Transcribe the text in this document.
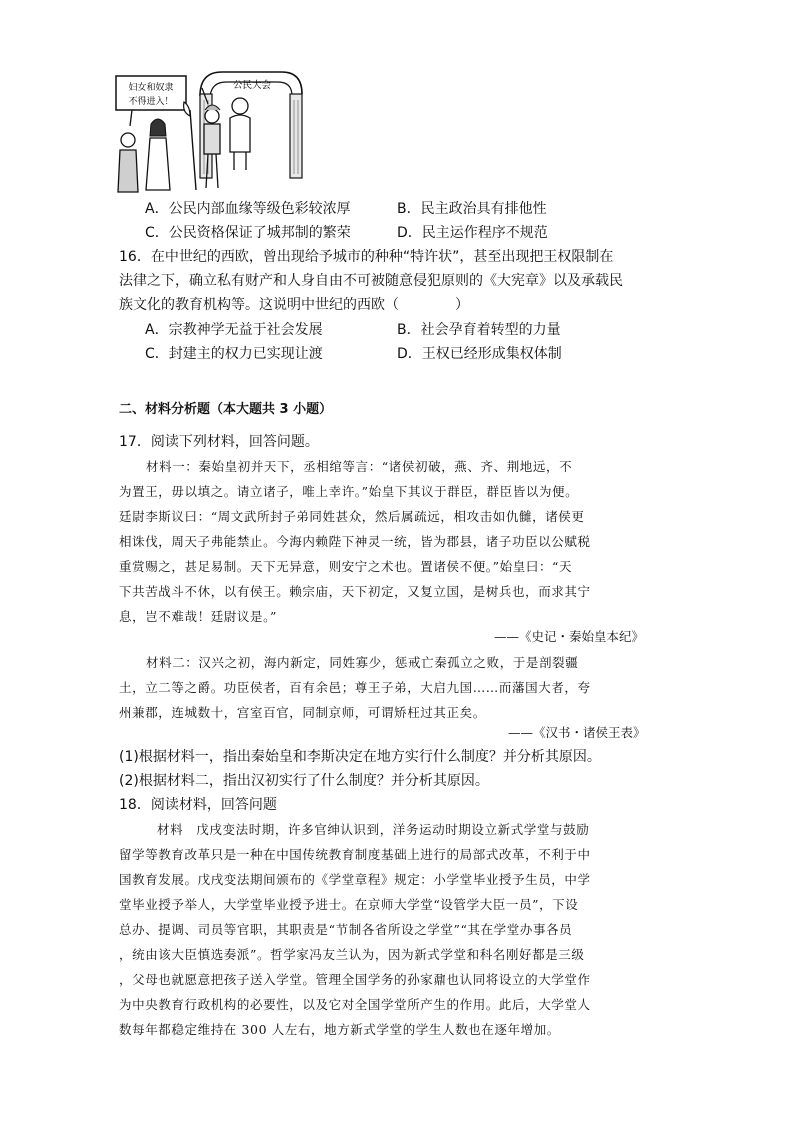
妇女和奴隶
不得进入！
公民大会
A．公民内部血缘等级色彩较浓厚	B．民主政治具有排他性
C．公民资格保证了城邦制的繁荣	D．民主运作程序不规范
16．在中世纪的西欧，曾出现给予城市的种种“特许状”，甚至出现把王权限制在
法律之下，确立私有财产和人身自由不可被随意侵犯原则的《大宪章》以及承载民
族文化的教育机构等。这说明中世纪的西欧（　　　　）
A．宗教神学无益于社会发展	B．社会孕育着转型的力量
C．封建主的权力已实现让渡	D．王权已经形成集权体制
二、材料分析题（本大题共 3 小题）
17．阅读下列材料，回答问题。
材料一：秦始皇初并天下，丞相绾等言：“诸侯初破，燕、齐、荆地远，不
为置王，毋以填之。请立诸子，唯上幸许。”始皇下其议于群臣，群臣皆以为便。
廷尉李斯议曰：“周文武所封子弟同姓甚众，然后属疏远，相攻击如仇雠，诸侯更
相诛伐，周天子弗能禁止。今海内赖陛下神灵一统，皆为郡县，诸子功臣以公赋税
重赏赐之，甚足易制。天下无异意，则安宁之术也。置诸侯不便。”始皇曰：“天
下共苦战斗不休，以有侯王。赖宗庙，天下初定，又复立国，是树兵也，而求其宁
息，岂不难哉！廷尉议是。”
——《史记・秦始皇本纪》
材料二：汉兴之初，海内新定，同姓寡少，惩戒亡秦孤立之败，于是剖裂疆
土，立二等之爵。功臣侯者，百有余邑；尊王子弟，大启九国……而藩国大者，夸
州兼郡，连城数十，宫室百官，同制京师，可谓矫枉过其正矣。
——《汉书・诸侯王表》
(1)根据材料一，指出秦始皇和李斯决定在地方实行什么制度？并分析其原因。
(2)根据材料二，指出汉初实行了什么制度？并分析其原因。
18．阅读材料，回答问题
材料　戊戌变法时期，许多官绅认识到，洋务运动时期设立新式学堂与鼓励
留学等教育改革只是一种在中国传统教育制度基础上进行的局部式改革，不利于中
国教育发展。戊戌变法期间颁布的《学堂章程》规定：小学堂毕业授予生员，中学
堂毕业授予举人，大学堂毕业授予进士。在京师大学堂“设管学大臣一员”，下设
总办、提调、司员等官职，其职责是“节制各省所设之学堂”“其在学堂办事各员
，统由该大臣慎选奏派”。哲学家冯友兰认为，因为新式学堂和科名刚好都是三级
，父母也就愿意把孩子送入学堂。管理全国学务的孙家鼐也认同将设立的大学堂作
为中央教育行政机构的必要性，以及它对全国学堂所产生的作用。此后，大学堂人
数每年都稳定维持在 300 人左右，地方新式学堂的学生人数也在逐年增加。
